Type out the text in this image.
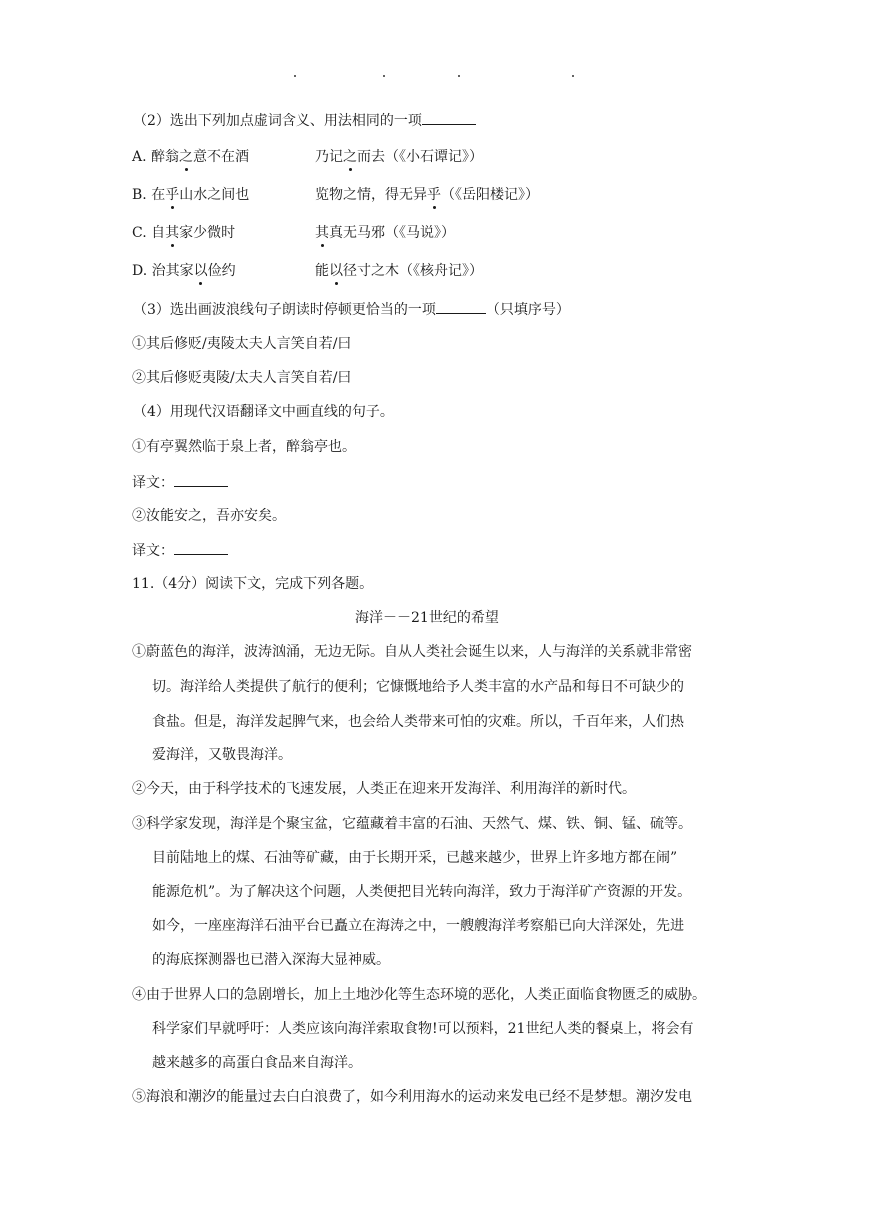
（2）选出下列加点虚词含义、用法相同的一项
A. 醉翁之意不在酒	乃记之而去（《小石谭记》）
B. 在乎山水之间也	览物之情，得无异乎（《岳阳楼记》）
C. 自其家少微时	其真无马邪（《马说》）
D. 治其家以俭约	能以径寸之木（《核舟记》）
（3）选出画波浪线句子朗读时停顿更恰当的一项	（只填序号）
①其后修贬/夷陵太夫人言笑自若/曰
②其后修贬夷陵/太夫人言笑自若/曰
（4）用现代汉语翻译文中画直线的句子。
①有亭翼然临于泉上者，醉翁亭也。
译文：
②汝能安之，吾亦安矣。
译文：
11.（4分）阅读下文，完成下列各题。
海洋－－21世纪的希望
①蔚蓝色的海洋，波涛汹涌，无边无际。自从人类社会诞生以来，人与海洋的关系就非常密
切。海洋给人类提供了航行的便利；它慷慨地给予人类丰富的水产品和每日不可缺少的
食盐。但是，海洋发起脾气来，也会给人类带来可怕的灾难。所以，千百年来，人们热
爱海洋，又敬畏海洋。
②今天，由于科学技术的飞速发展，人类正在迎来开发海洋、利用海洋的新时代。
③科学家发现，海洋是个聚宝盆，它蕴藏着丰富的石油、天然气、煤、铁、铜、锰、硫等。
目前陆地上的煤、石油等矿藏，由于长期开采，已越来越少，世界上许多地方都在闹”
能源危机”。为了解决这个问题，人类便把目光转向海洋，致力于海洋矿产资源的开发。
如今，一座座海洋石油平台已矗立在海涛之中，一艘艘海洋考察船已向大洋深处，先进
的海底探测器也已潜入深海大显神威。
④由于世界人口的急剧增长，加上土地沙化等生态环境的恶化，人类正面临食物匮乏的威胁。
科学家们早就呼吁：人类应该向海洋索取食物!可以预料，21世纪人类的餐桌上，将会有
越来越多的高蛋白食品来自海洋。
⑤海浪和潮汐的能量过去白白浪费了，如今利用海水的运动来发电已经不是梦想。潮汐发电
